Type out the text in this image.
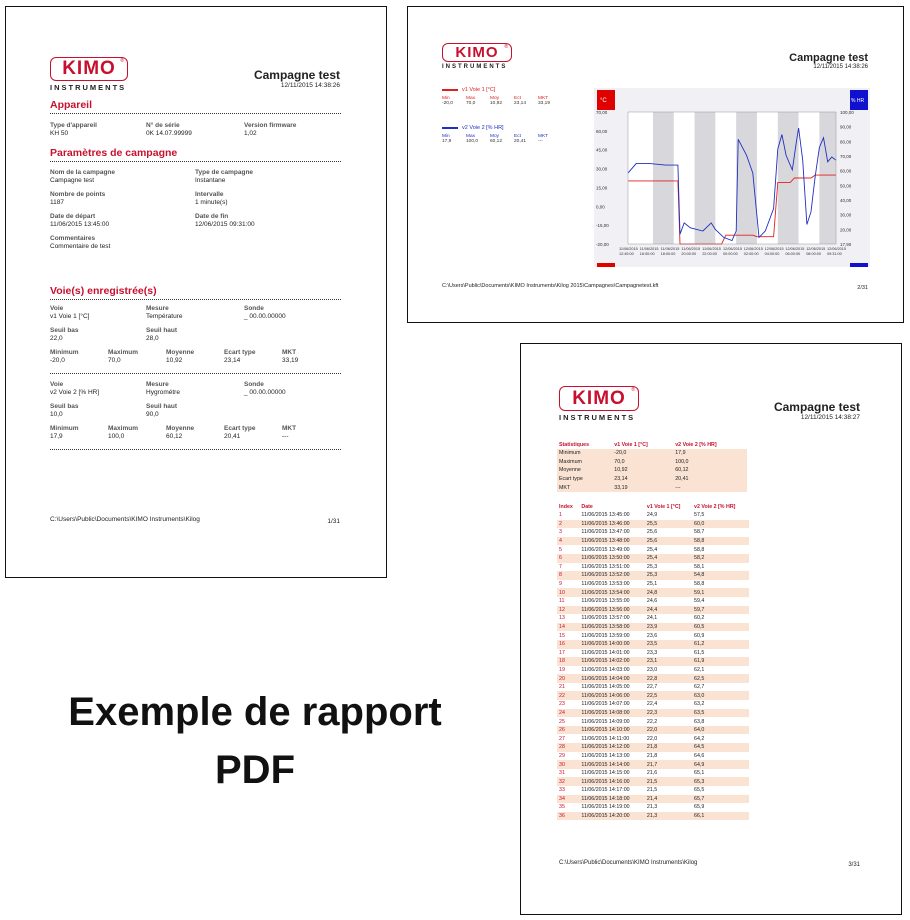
KIMO ®
INSTRUMENTS
Campagne test
12/11/2015 14:38:26
Appareil
Paramètres de campagne
Voie(s) enregistrée(s)
C:\Users\Public\Documents\KIMO Instruments\Kilog	1/31
Type d'appareil
KH 50
N° de série
0K 14.07.99999
Version firmware
1,02
Nom de la campagne
Campagne test
Type de campagne
Instantane
Nombre de points
1187
Intervalle
1 minute(s)
Date de départ
11/06/2015 13:45:00
Date de fin
12/06/2015 09:31:00
Commentaires
Commentaire de test
Voie
v1 Voie 1 [°C]
Mesure
Température
Sonde
_ 00.00.00000
Seuil bas
22,0
Seuil haut
28,0
Minimum
-20,0
Maximum
70,0
Moyenne
10,92
Ecart type
23,14
MKT
33,19
Voie
v2 Voie 2 [% HR]
Mesure
Hygrométre
Sonde
_ 00.00.00000
Seuil bas
10,0
Seuil haut
90,0
Minimum
17,9
Maximum
100,0
Moyenne
60,12
Ecart type
20,41
MKT
---
KIMO ®
INSTRUMENTS
Campagne test
12/11/2015 14:38:26
°C	% HR
70,00
60,00
45,00
30,00
15,00
0,00
-15,00
-20,00
100,00
90,00
80,00
70,00
60,00
50,00
40,00
30,00
20,00
17,90
11/06/2015
12:45:00
11/06/2015
16:00:00
11/06/2015
18:00:00
11/06/2015
20:00:00
11/06/2015
22:00:00
12/06/2015
00:00:00
12/06/2015
02:00:00
12/06/2015
04:00:00
12/06/2015
06:00:00
12/06/2015
08:00:00
12/06/2015
09:31:00
C:\Users\Public\Documents\KIMO Instruments\Kilog 2015\Campagnes\Campagnetest.kft	2/31
v1 Voie 1 [°C]
Min	Max	Moy	Ect	MKT
-20,0	70,0	10,92	23,14	33,19
v2 Voie 2 [% HR]
Min	Max	Moy	Ect	MKT
17,9	100,0	60,12	20,41	---
KIMO ®
INSTRUMENTS
Campagne test
12/11/2015 14:38:27
Statistiques	v1 Voie 1 [°C]	v2 Voie 2 [% HR]
Minimum	-20,0	17,9
Maximum	70,0	100,0
Moyenne	10,92	60,12
Ecart type	23,14	20,41
MKT	33,19	---
Index	Date	v1 Voie 1 [°C]	v2 Voie 2 [% HR]
1	11/06/2015 13:45:00	24,9	57,5
2	11/06/2015 13:46:00	25,5	60,0
3	11/06/2015 13:47:00	25,6	58,7
4	11/06/2015 13:48:00	25,6	58,8
5	11/06/2015 13:49:00	25,4	58,8
6	11/06/2015 13:50:00	25,4	58,2
7	11/06/2015 13:51:00	25,3	58,1
8	11/06/2015 13:52:00	25,3	54,8
9	11/06/2015 13:53:00	25,1	58,8
10	11/06/2015 13:54:00	24,8	59,1
11	11/06/2015 13:55:00	24,6	59,4
12	11/06/2015 13:56:00	24,4	59,7
13	11/06/2015 13:57:00	24,1	60,2
14	11/06/2015 13:58:00	23,9	60,5
15	11/06/2015 13:59:00	23,6	60,9
16	11/06/2015 14:00:00	23,5	61,2
17	11/06/2015 14:01:00	23,3	61,5
18	11/06/2015 14:02:00	23,1	61,9
19	11/06/2015 14:03:00	23,0	62,1
20	11/06/2015 14:04:00	22,8	62,5
21	11/06/2015 14:05:00	22,7	62,7
22	11/06/2015 14:06:00	22,5	63,0
23	11/06/2015 14:07:00	22,4	63,2
24	11/06/2015 14:08:00	22,3	63,5
25	11/06/2015 14:09:00	22,2	63,8
26	11/06/2015 14:10:00	22,0	64,0
27	11/06/2015 14:11:00	22,0	64,2
28	11/06/2015 14:12:00	21,8	64,5
29	11/06/2015 14:13:00	21,8	64,6
30	11/06/2015 14:14:00	21,7	64,9
31	11/06/2015 14:15:00	21,6	65,1
32	11/06/2015 14:16:00	21,5	65,3
33	11/06/2015 14:17:00	21,5	65,5
34	11/06/2015 14:18:00	21,4	65,7
35	11/06/2015 14:19:00	21,3	65,9
36	11/06/2015 14:20:00	21,3	66,1
C:\Users\Public\Documents\KIMO Instruments\Kilog	3/31
Exemple de rapport
PDF
